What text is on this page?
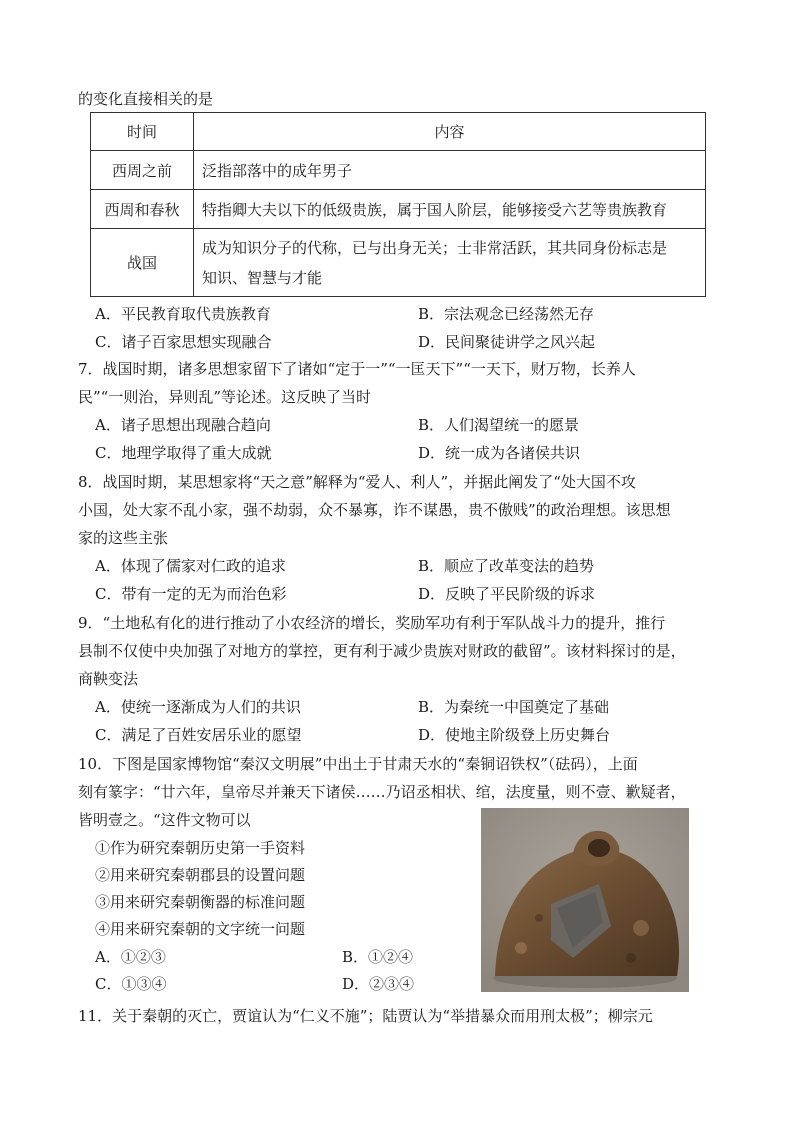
的变化直接相关的是
时间	内容
西周之前	泛指部落中的成年男子
西周和春秋	特指卿大夫以下的低级贵族，属于国人阶层，能够接受六艺等贵族教育
战国	成为知识分子的代称，已与出身无关；士非常活跃，其共同身份标志是
知识、智慧与才能
A．平民教育取代贵族教育	B．宗法观念已经荡然无存
C．诸子百家思想实现融合	D．民间聚徒讲学之风兴起
7．战国时期，诸多思想家留下了诸如“定于一”“一匡天下”“一天下，财万物，长养人
民”“一则治，异则乱”等论述。这反映了当时
A．诸子思想出现融合趋向	B．人们渴望统一的愿景
C．地理学取得了重大成就	D．统一成为各诸侯共识
8．战国时期，某思想家将“天之意”解释为“爱人、利人”，并据此阐发了“处大国不攻
小国，处大家不乱小家，强不劫弱，众不暴寡，诈不谋愚，贵不傲贱”的政治理想。该思想
家的这些主张
A．体现了儒家对仁政的追求	B．顺应了改革变法的趋势
C．带有一定的无为而治色彩	D．反映了平民阶级的诉求
9．“土地私有化的进行推动了小农经济的增长，奖励军功有利于军队战斗力的提升，推行
县制不仅使中央加强了对地方的掌控，更有利于减少贵族对财政的截留”。该材料探讨的是，
商鞅变法
A．使统一逐渐成为人们的共识	B．为秦统一中国奠定了基础
C．满足了百姓安居乐业的愿望	D．使地主阶级登上历史舞台
10．下图是国家博物馆“秦汉文明展”中出土于甘肃天水的“秦铜诏铁权”（砝码），上面
刻有篆字：“廿六年，皇帝尽并兼天下诸侯……乃诏丞相状、绾，法度量，则不壹、歉疑者，
皆明壹之。“这件文物可以
①作为研究秦朝历史第一手资料
②用来研究秦朝郡县的设置问题
③用来研究秦朝衡器的标准问题
④用来研究秦朝的文字统一问题
A．①②③	B．①②④
C．①③④	D．②③④
11．关于秦朝的灭亡，贾谊认为“仁义不施”；陆贾认为“举措暴众而用刑太极”；柳宗元
